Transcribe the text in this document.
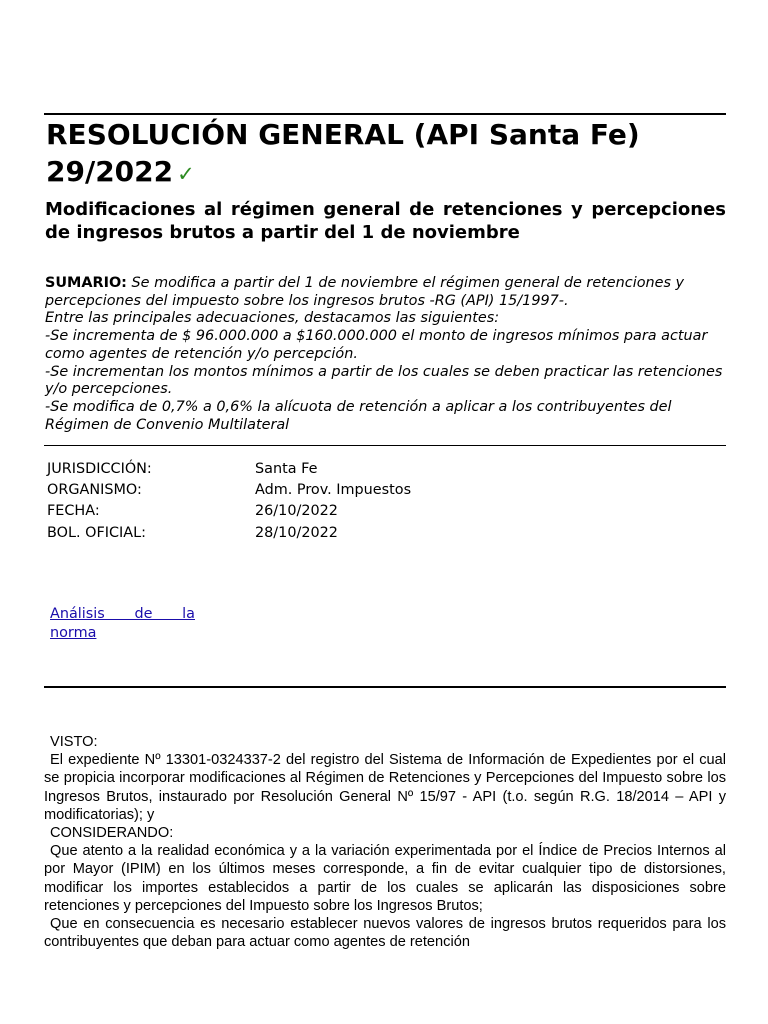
RESOLUCIÓN GENERAL (API Santa Fe) 29/2022 ✓
Modificaciones al régimen general de retenciones y percepciones de ingresos brutos a partir del 1 de noviembre
SUMARIO: Se modifica a partir del 1 de noviembre el régimen general de retenciones y percepciones del impuesto sobre los ingresos brutos -RG (API) 15/1997-.
Entre las principales adecuaciones, destacamos las siguientes:
-Se incrementa de $ 96.000.000 a $160.000.000 el monto de ingresos mínimos para actuar como agentes de retención y/o percepción.
-Se incrementan los montos mínimos a partir de los cuales se deben practicar las retenciones y/o percepciones.
-Se modifica de 0,7% a 0,6% la alícuota de retención a aplicar a los contribuyentes del Régimen de Convenio Multilateral
JURISDICCIÓN:	Santa Fe
ORGANISMO:	Adm. Prov. Impuestos
FECHA:	26/10/2022
BOL. OFICIAL:	28/10/2022
Análisis de la norma

VISTO:

El expediente Nº 13301-0324337-2 del registro del Sistema de Información de Expedientes por el cual se propicia incorporar modificaciones al Régimen de Retenciones y Percepciones del Impuesto sobre los Ingresos Brutos, instaurado por Resolución General Nº 15/97 - API (t.o. según R.G. 18/2014 – API y modificatorias); y

CONSIDERANDO:

Que atento a la realidad económica y a la variación experimentada por el Índice de Precios Internos al por Mayor (IPIM) en los últimos meses corresponde, a fin de evitar cualquier tipo de distorsiones, modificar los importes establecidos a partir de los cuales se aplicarán las disposiciones sobre retenciones y percepciones del Impuesto sobre los Ingresos Brutos;

Que en consecuencia es necesario establecer nuevos valores de ingresos brutos requeridos para los contribuyentes que deban para actuar como agentes de retención
